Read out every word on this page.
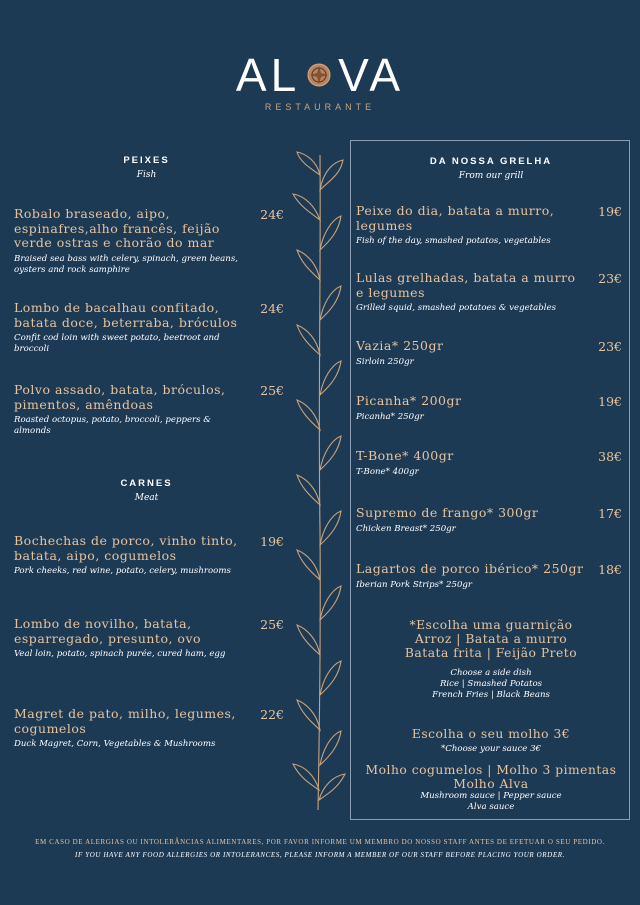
AL VA
RESTAURANTE
PEIXES
Fish
Robalo braseado, aipo, espinafres,alho francês, feijão verde ostras e chorão do mar
24€
Braised sea bass with celery, spinach, green beans, oysters and rock samphire
Lombo de bacalhau confitado, batata doce, beterraba, bróculos
24€
Confit cod loin with sweet potato, beetroot and broccoli
Polvo assado, batata, bróculos, pimentos, amêndoas
25€
Roasted octopus, potato, broccoli, peppers & almonds
CARNES
Meat
Bochechas de porco, vinho tinto, batata, aipo, cogumelos
19€
Pork cheeks, red wine, potato, celery, mushrooms
Lombo de novilho, batata, esparregado, presunto, ovo
25€
Veal loin, potato, spinach purée, cured ham, egg
Magret de pato, milho, legumes, cogumelos
22€
Duck Magret, Corn, Vegetables & Mushrooms
DA NOSSA GRELHA
From our grill
Peixe do dia, batata a murro, legumes
19€
Fish of the day, smashed potatos, vegetables
Lulas grelhadas, batata a murro e legumes
23€
Grilled squid, smashed potatoes & vegetables
Vazia* 250gr	23€
Sirloin 250gr
Picanha* 200gr	19€
Picanha* 250gr
T-Bone* 400gr	38€
T-Bone* 400gr
Supremo de frango* 300gr	17€
Chicken Breast* 250gr
Lagartos de porco ibérico* 250gr 18€
Iberian Pork Strips* 250gr
*Escolha uma guarnição
Arroz | Batata a murro
Batata frita | Feijão Preto
Choose a side dish
Rice | Smashed Potatos
French Fries | Black Beans
Escolha o seu molho 3€
*Choose your sauce 3€
Molho cogumelos | Molho 3 pimentas
Molho Alva
Mushroom sauce | Pepper sauce
Alva sauce
EM CASO DE ALERGIAS OU INTOLERÂNCIAS ALIMENTARES, POR FAVOR INFORME UM MEMBRO DO NOSSO STAFF ANTES DE EFETUAR O SEU PEDIDO.
IF YOU HAVE ANY FOOD ALLERGIES OR INTOLERANCES, PLEASE INFORM A MEMBER OF OUR STAFF BEFORE PLACING YOUR ORDER.
